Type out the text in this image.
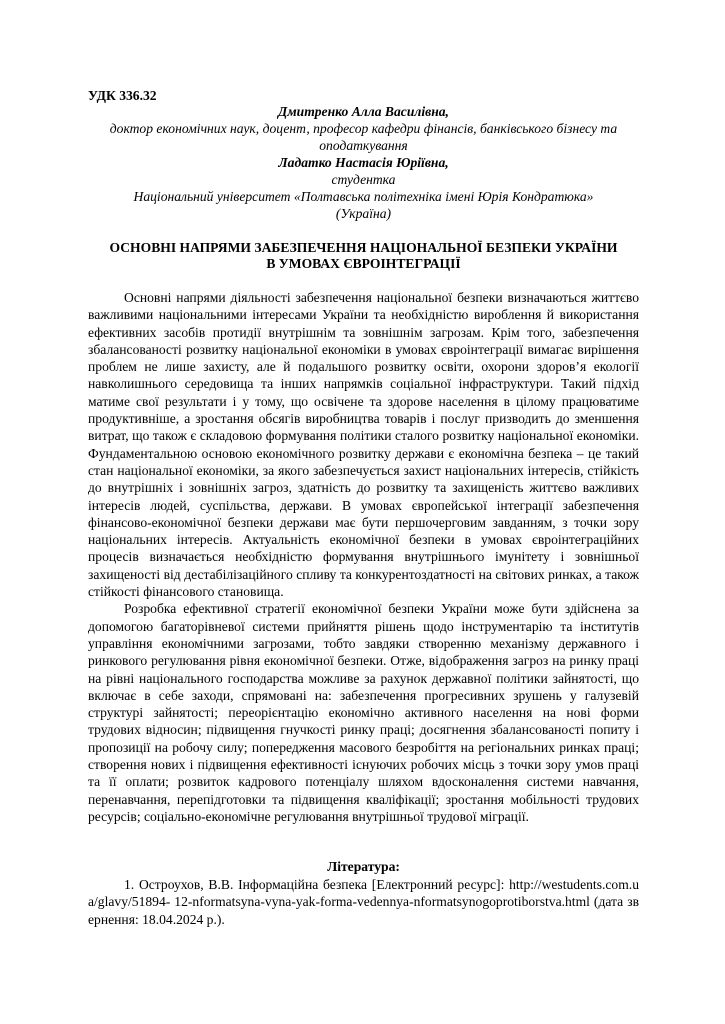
УДК 336.32
Дмитренко Алла Василівна,
доктор економічних наук, доцент, професор кафедри фінансів, банківського бізнесу та оподаткування
Ладатко Настасія Юріївна,
студентка
Національний університет «Полтавська політехніка імені Юрія Кондратюка»
(Україна)
ОСНОВНІ НАПРЯМИ ЗАБЕЗПЕЧЕННЯ НАЦІОНАЛЬНОЇ БЕЗПЕКИ УКРАЇНИ
В УМОВАХ ЄВРОІНТЕГРАЦІЇ

Основні напрями діяльності забезпечення національної безпеки визначаються життєво важливими національними інтересами України та необхідністю вироблення й використання ефективних засобів протидії внутрішнім та зовнішнім загрозам. Крім того, забезпечення збалансованості розвитку національної економіки в умовах євроінтеграції вимагає вирішення проблем не лише захисту, але й подальшого розвитку освіти, охорони здоров’я екології навколишнього середовища та інших напрямків соціальної інфраструктури. Такий підхід матиме свої результати і у тому, що освічене та здорове населення в цілому працюватиме продуктивніше, а зростання обсягів виробництва товарів і послуг призводить до зменшення витрат, що також є складовою формування політики сталого розвитку національної економіки. Фундаментальною основою економічного розвитку держави є економічна безпека – це такий стан національної економіки, за якого забезпечується захист національних інтересів, стійкість до внутрішніх і зовнішніх загроз, здатність до розвитку та захищеність життєво важливих інтересів людей, суспільства, держави. В умовах європейської інтеграції забезпечення фінансово-економічної безпеки держави має бути першочерговим завданням, з точки зору національних інтересів. Актуальність економічної безпеки в умовах євроінтеграційних процесів визначається необхідністю формування внутрішнього імунітету і зовнішньої захищеності від дестабілізаційного спливу та конкурентоздатності на світових ринках, а також стійкості фінансового становища.

Розробка ефективної стратегії економічної безпеки України може бути здійснена за допомогою багаторівневої системи прийняття рішень щодо інструментарію та інститутів управління економічними загрозами, тобто завдяки створенню механізму державного і ринкового регулювання рівня економічної безпеки. Отже, відображення загроз на ринку праці на рівні національного господарства можливе за рахунок державної політики зайнятості, що включає в себе заходи, спрямовані на: забезпечення прогресивних зрушень у галузевій структурі зайнятості; переорієнтацію економічно активного населення на нові форми трудових відносин; підвищення гнучкості ринку праці; досягнення збалансованості попиту і пропозиції на робочу силу; попередження масового безробіття на регіональних ринках праці; створення нових і підвищення ефективності існуючих робочих місць з точки зору умов праці та її оплати; розвиток кадрового потенціалу шляхом вдосконалення системи навчання, перенавчання, перепідготовки та підвищення кваліфікації; зростання мобільності трудових ресурсів; соціально-економічне регулювання внутрішньої трудової міграції.

Література:
1. Остроухов, В.В. Інформаційна безпека [Електронний ресурс]: http://westudents.com.ua/glavy/51894- 12-nformatsyna-vyna-yak-forma-vedennya-nformatsynogoprotiborstva.html (дата звернення: 18.04.2024 р.).
